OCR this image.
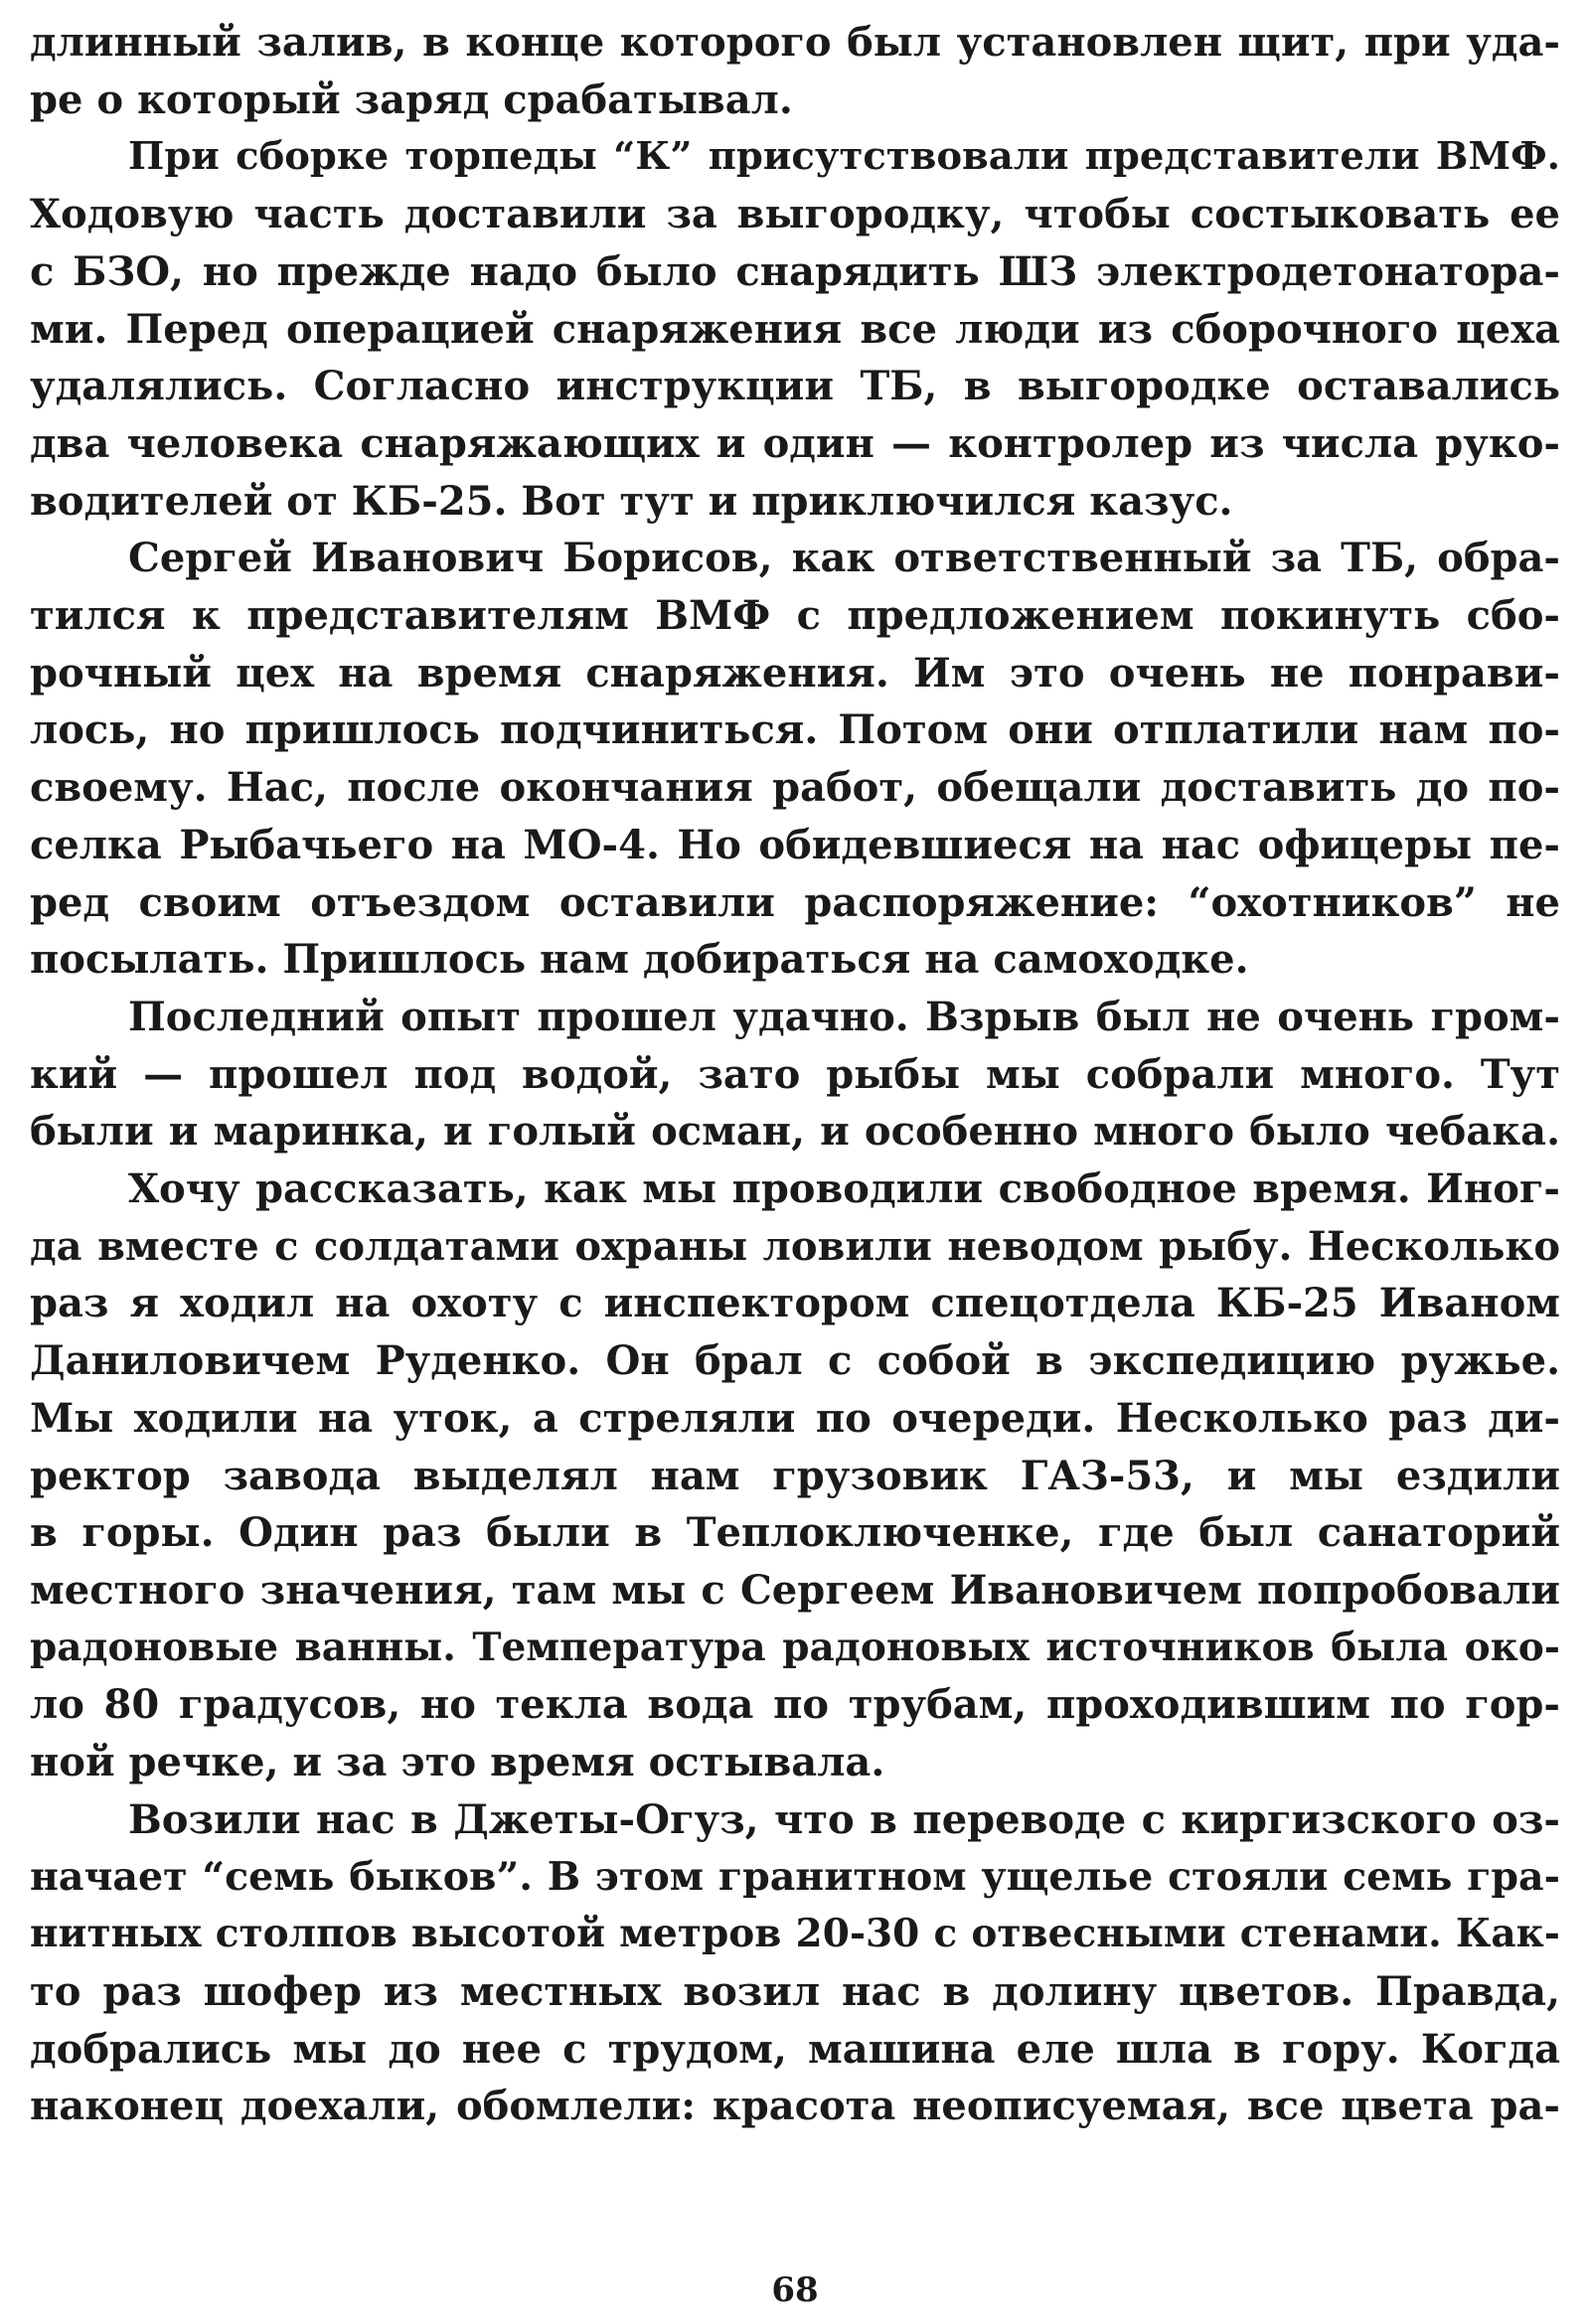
длинный залив, в конце которого был установлен щит, при уда-
ре о который заряд срабатывал.
При сборке торпеды “К” присутствовали представители ВМФ.
Ходовую часть доставили за выгородку, чтобы состыковать ее
с БЗО, но прежде надо было снарядить ШЗ электродетонатора-
ми. Перед операцией снаряжения все люди из сборочного цеха
удалялись. Согласно инструкции ТБ, в выгородке оставались
два человека снаряжающих и один — контролер из числа руко-
водителей от КБ-25. Вот тут и приключился казус.
Сергей Иванович Борисов, как ответственный за ТБ, обра-
тился к представителям ВМФ с предложением покинуть сбо-
рочный цех на время снаряжения. Им это очень не понрави-
лось, но пришлось подчиниться. Потом они отплатили нам по-
своему. Нас, после окончания работ, обещали доставить до по-
селка Рыбачьего на МО-4. Но обидевшиеся на нас офицеры пе-
ред своим отъездом оставили распоряжение: “охотников” не
посылать. Пришлось нам добираться на самоходке.
Последний опыт прошел удачно. Взрыв был не очень гром-
кий — прошел под водой, зато рыбы мы собрали много. Тут
были и маринка, и голый осман, и особенно много было чебака.
Хочу рассказать, как мы проводили свободное время. Иног-
да вместе с солдатами охраны ловили неводом рыбу. Несколько
раз я ходил на охоту с инспектором спецотдела КБ-25 Иваном
Даниловичем Руденко. Он брал с собой в экспедицию ружье.
Мы ходили на уток, а стреляли по очереди. Несколько раз ди-
ректор завода выделял нам грузовик ГАЗ-53, и мы ездили
в горы. Один раз были в Теплоключенке, где был санаторий
местного значения, там мы с Сергеем Ивановичем попробовали
радоновые ванны. Температура радоновых источников была око-
ло 80 градусов, но текла вода по трубам, проходившим по гор-
ной речке, и за это время остывала.
Возили нас в Джеты-Огуз, что в переводе с киргизского оз-
начает “семь быков”. В этом гранитном ущелье стояли семь гра-
нитных столпов высотой метров 20-30 с отвесными стенами. Как-
то раз шофер из местных возил нас в долину цветов. Правда,
добрались мы до нее с трудом, машина еле шла в гору. Когда
наконец доехали, обомлели: красота неописуемая, все цвета ра-
68
